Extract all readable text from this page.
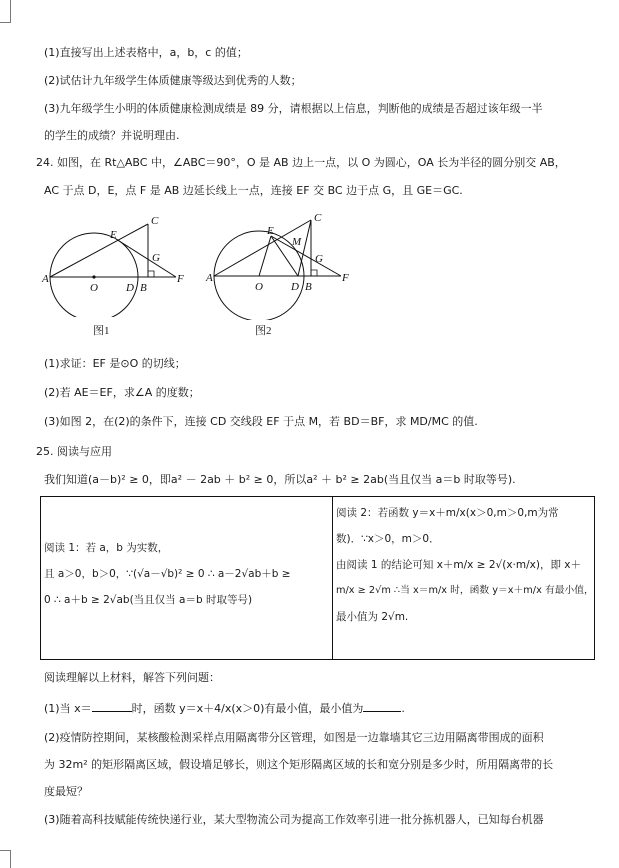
(1)直接写出上述表格中，a，b，c 的值；
(2)试估计九年级学生体质健康等级达到优秀的人数；
(3)九年级学生小明的体质健康检测成绩是 89 分，请根据以上信息，判断他的成绩是否超过该年级一半
的学生的成绩？并说明理由.
24. 如图，在 Rt△ABC 中，∠ABC＝90°，O 是 AB 边上一点，以 O 为圆心，OA 长为半径的圆分别交 AB，
AC 于点 D，E，点 F 是 AB 边延长线上一点，连接 EF 交 BC 边于点 G，且 GE＝GC.
A
O	D B
F
E
C
G
图1
A
O	D B
F
E
C
G
M
图2
(1)求证：EF 是⊙O 的切线；
(2)若 AE＝EF，求∠A 的度数；
(3)如图 2，在(2)的条件下，连接 CD 交线段 EF 于点 M，若 BD＝BF，求 MD/MC 的值.
25. 阅读与应用
我们知道(a－b)² ≥ 0，即a² － 2ab ＋ b² ≥ 0，所以a² ＋ b² ≥ 2ab(当且仅当 a＝b 时取等号).
阅读 1：若 a，b 为实数，
且 a＞0，b＞0，∵(√a－√b)² ≥ 0 ∴ a－2√ab＋b ≥
0 ∴ a＋b ≥ 2√ab(当且仅当 a＝b 时取等号)

阅读 2：若函数 y＝x＋m/x(x＞0,m＞0,m为常
数)．∵x＞0，m＞0．
由阅读 1 的结论可知 x＋m/x ≥ 2√(x·m/x)，即 x＋
m/x ≥ 2√m ∴当 x＝m/x 时，函数 y＝x＋m/x 有最小值，
最小值为 2√m.
阅读理解以上材料，解答下列问题：
(1)当 x＝	时，函数 y＝x＋4/x(x＞0)有最小值，最小值为	.
(2)疫情防控期间，某核酸检测采样点用隔离带分区管理，如图是一边靠墙其它三边用隔离带围成的面积
为 32m² 的矩形隔离区域，假设墙足够长，则这个矩形隔离区域的长和宽分别是多少时，所用隔离带的长
度最短？
(3)随着高科技赋能传统快递行业，某大型物流公司为提高工作效率引进一批分拣机器人，已知每台机器
